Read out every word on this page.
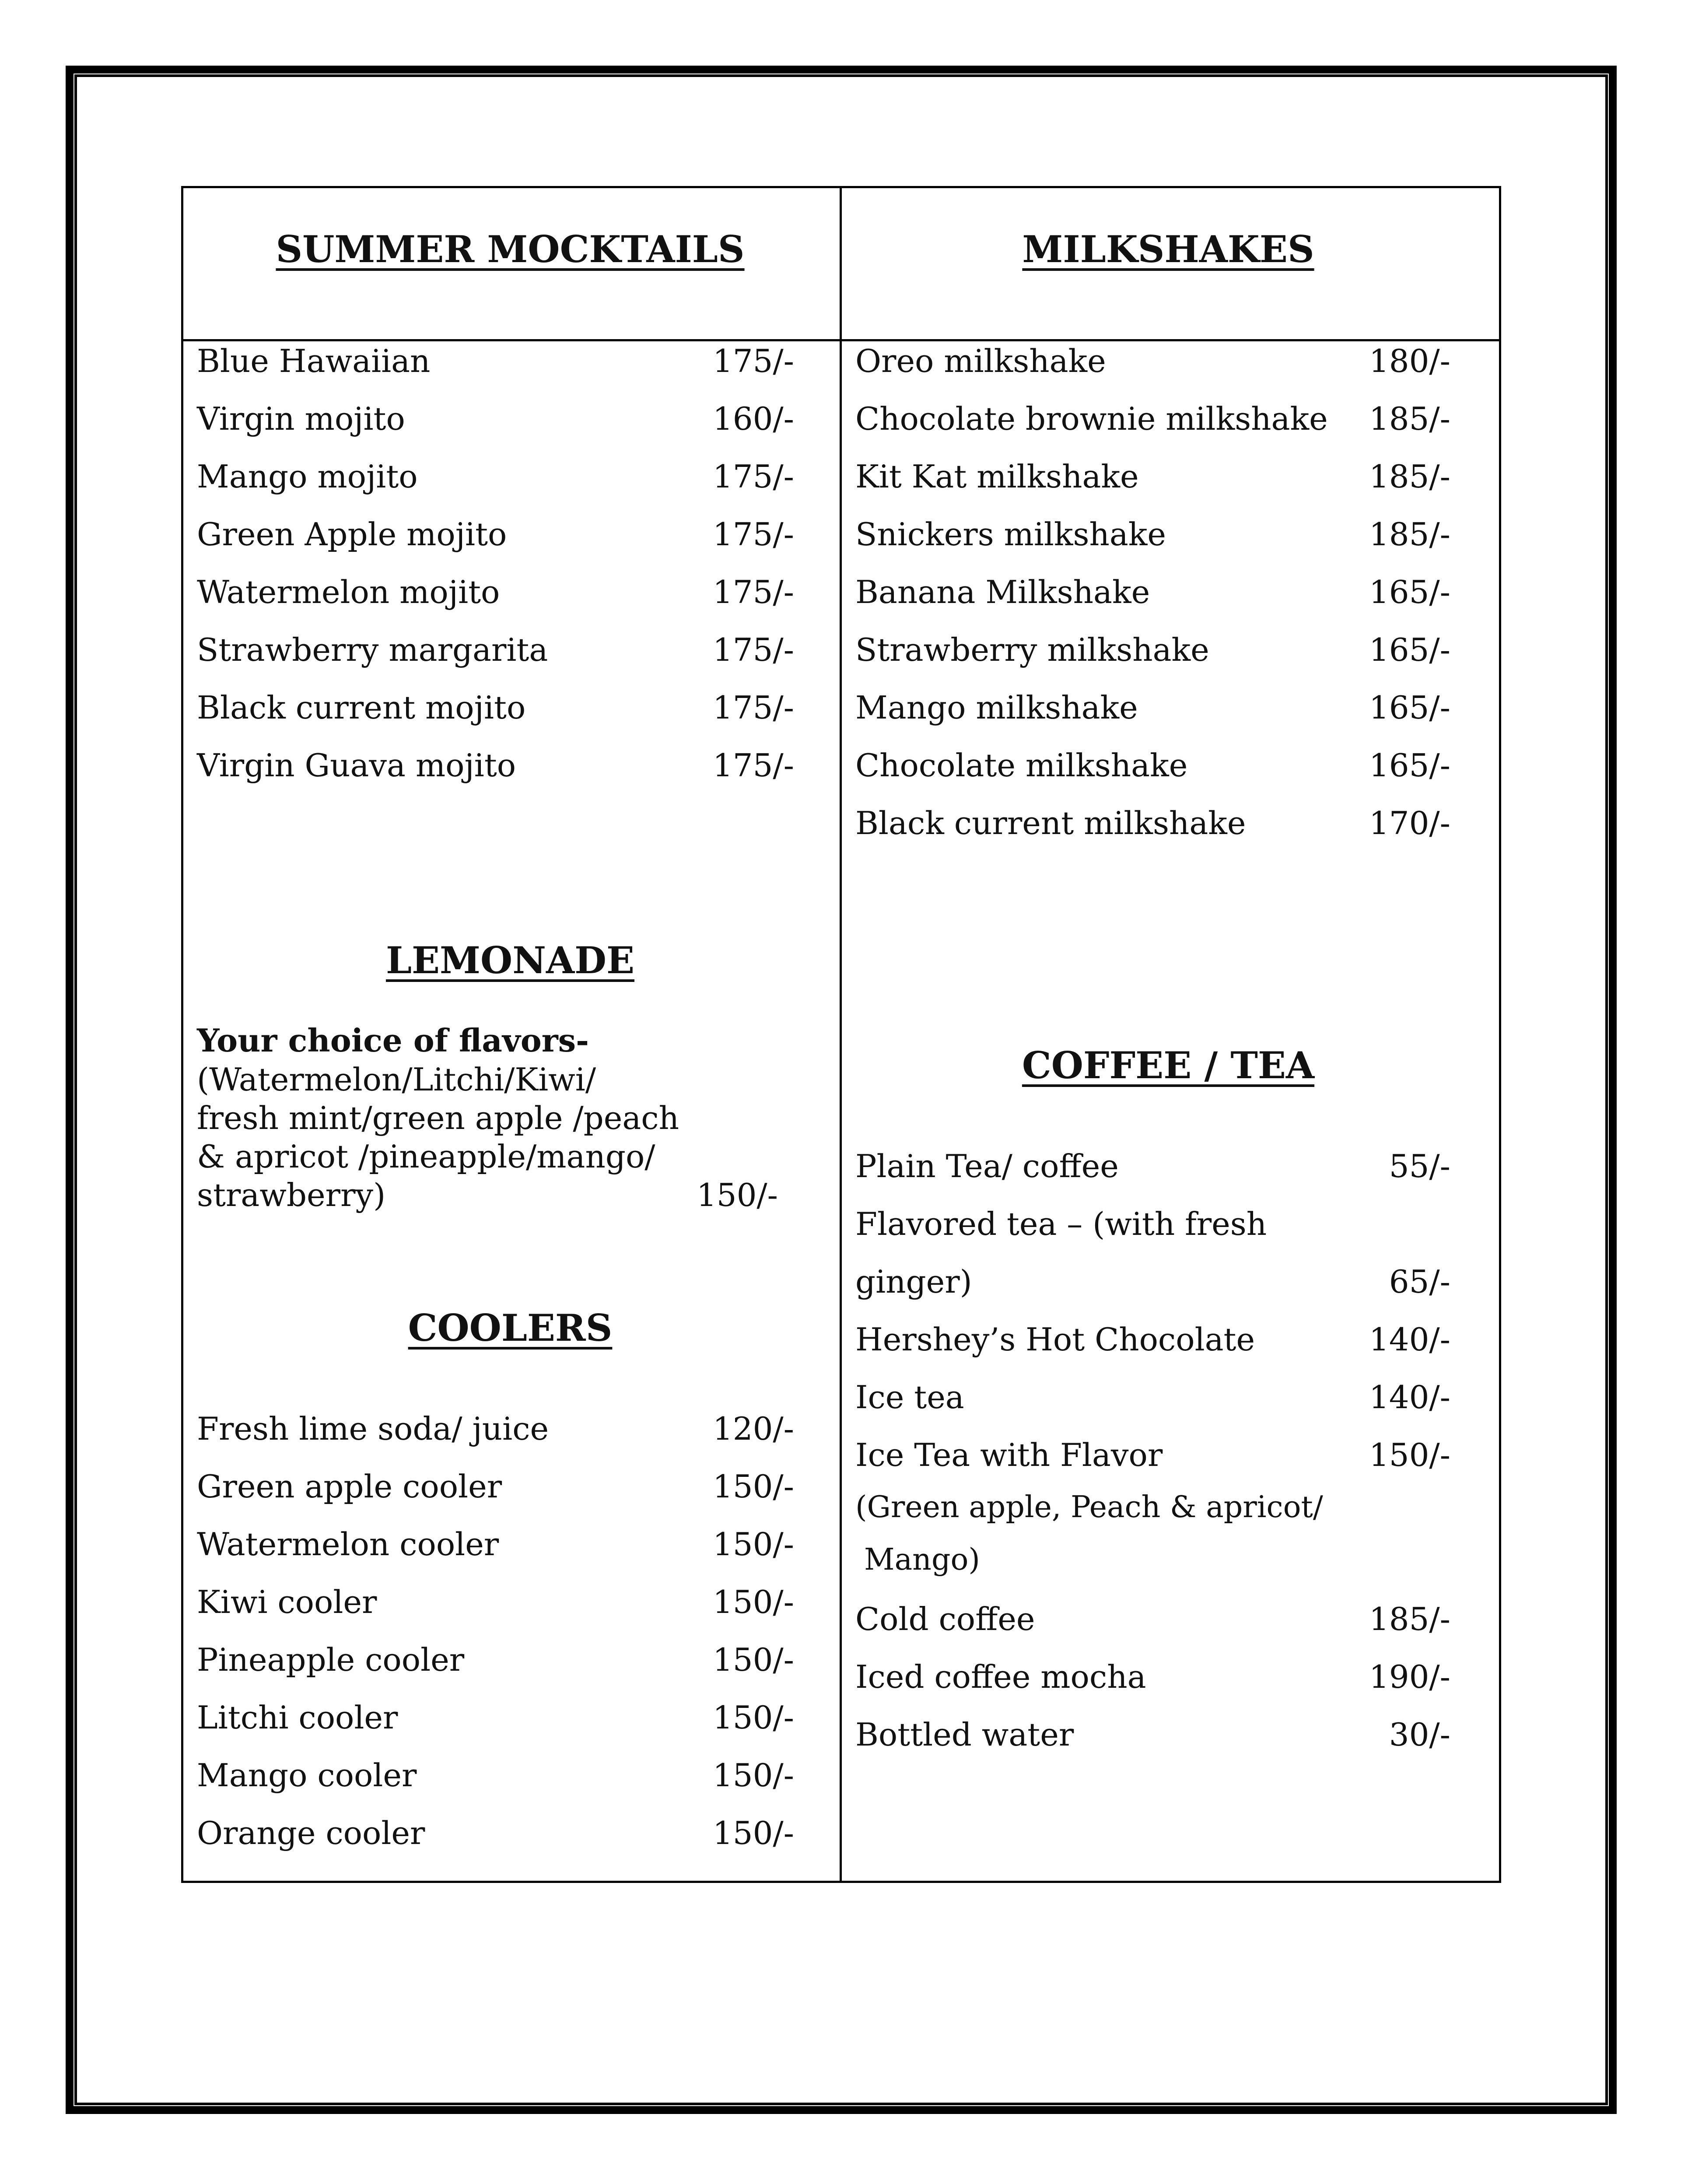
SUMMER MOCKTAILS	MILKSHAKES
Blue Hawaiian	175/-
Virgin mojito	160/-
Mango mojito	175/-
Green Apple mojito	175/-
Watermelon mojito	175/-
Strawberry margarita	175/-
Black current mojito	175/-
Virgin Guava mojito	175/-
LEMONADE
Your choice of flavors-
(Watermelon/Litchi/Kiwi/
fresh mint/green apple /peach
& apricot /pineapple/mango/
strawberry)	150/-
COOLERS
Fresh lime soda/ juice	120/-
Green apple cooler	150/-
Watermelon cooler	150/-
Kiwi cooler	150/-
Pineapple cooler	150/-
Litchi cooler	150/-
Mango cooler	150/-
Orange cooler	150/-
Oreo milkshake	180/-
Chocolate brownie milkshake 185/-
Kit Kat milkshake	185/-
Snickers milkshake	185/-
Banana Milkshake	165/-
Strawberry milkshake	165/-
Mango milkshake	165/-
Chocolate milkshake	165/-
Black current milkshake	170/-
COFFEE / TEA
Plain Tea/ coffee	55/-
Flavored tea – (with fresh
ginger)	65/-
Hershey’s Hot Chocolate	140/-
Ice tea	140/-
Ice Tea with Flavor	150/-
(Green apple, Peach & apricot/
Mango)
Cold coffee	185/-
Iced coffee mocha	190/-
Bottled water	30/-
